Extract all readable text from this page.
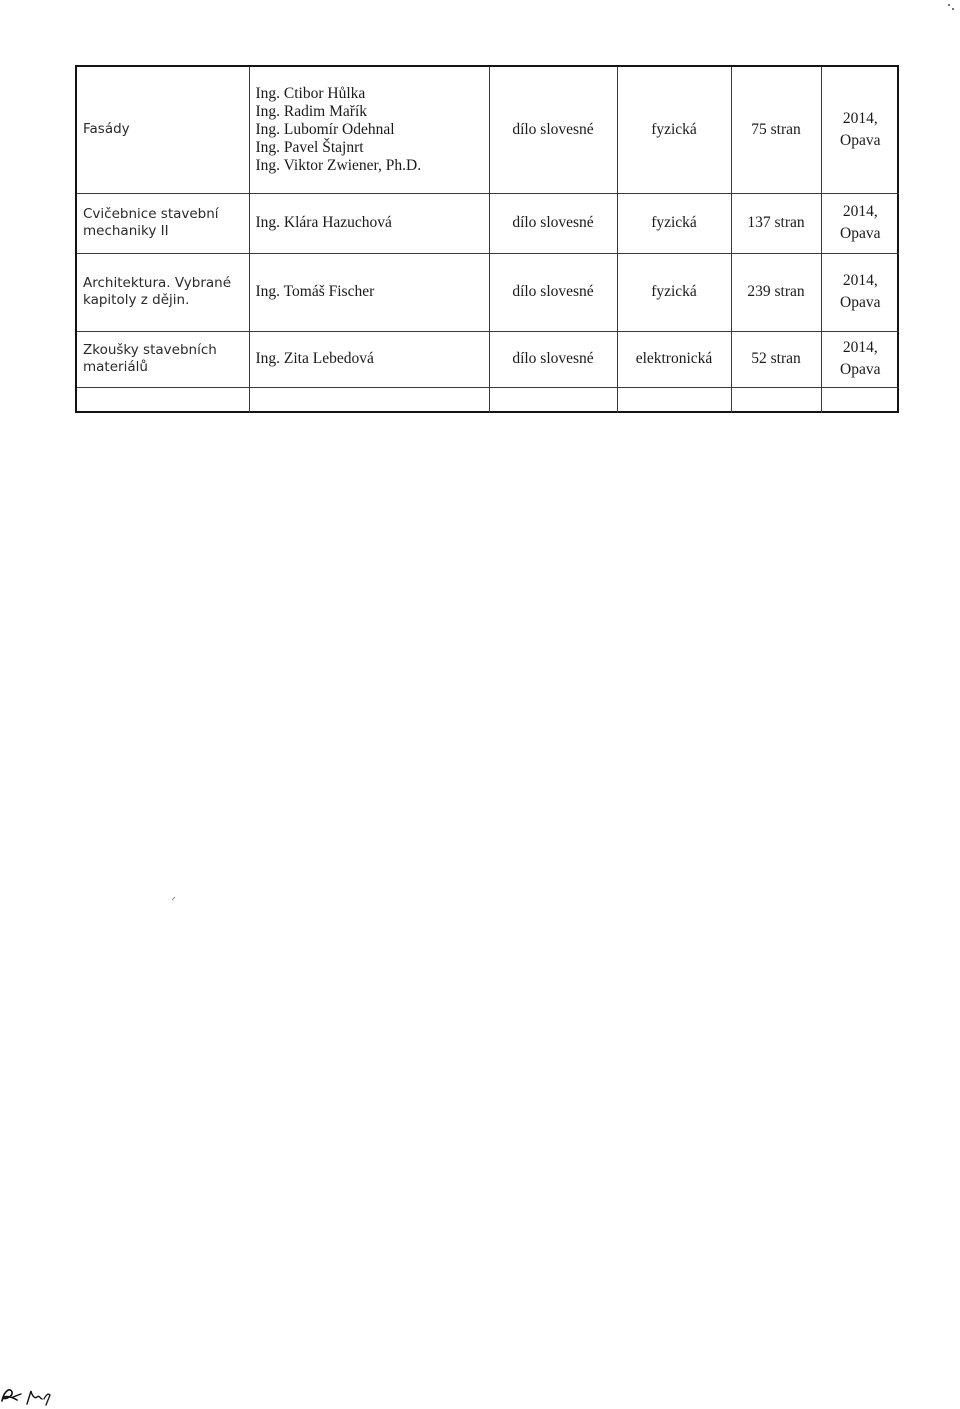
Fasády	Ing. Ctibor Hůlka
Ing. Radim Mařík
Ing. Lubomír Odehnal
Ing. Pavel Štajnrt
Ing. Viktor Zwiener, Ph.D.	dílo slovesné	fyzická	75 stran	2014,
Opava

Cvičebnice stavební mechaniky II	Ing. Klára Hazuchová	dílo slovesné	fyzická	137 stran	2014,
Opava

Architektura. Vybrané kapitoly z dějin.	Ing. Tomáš Fischer	dílo slovesné	fyzická	239 stran	2014,
Opava

Zkoušky stavebních materiálů	Ing. Zita Lebedová	dílo slovesné	elektronická	52 stran	2014,
Opava
